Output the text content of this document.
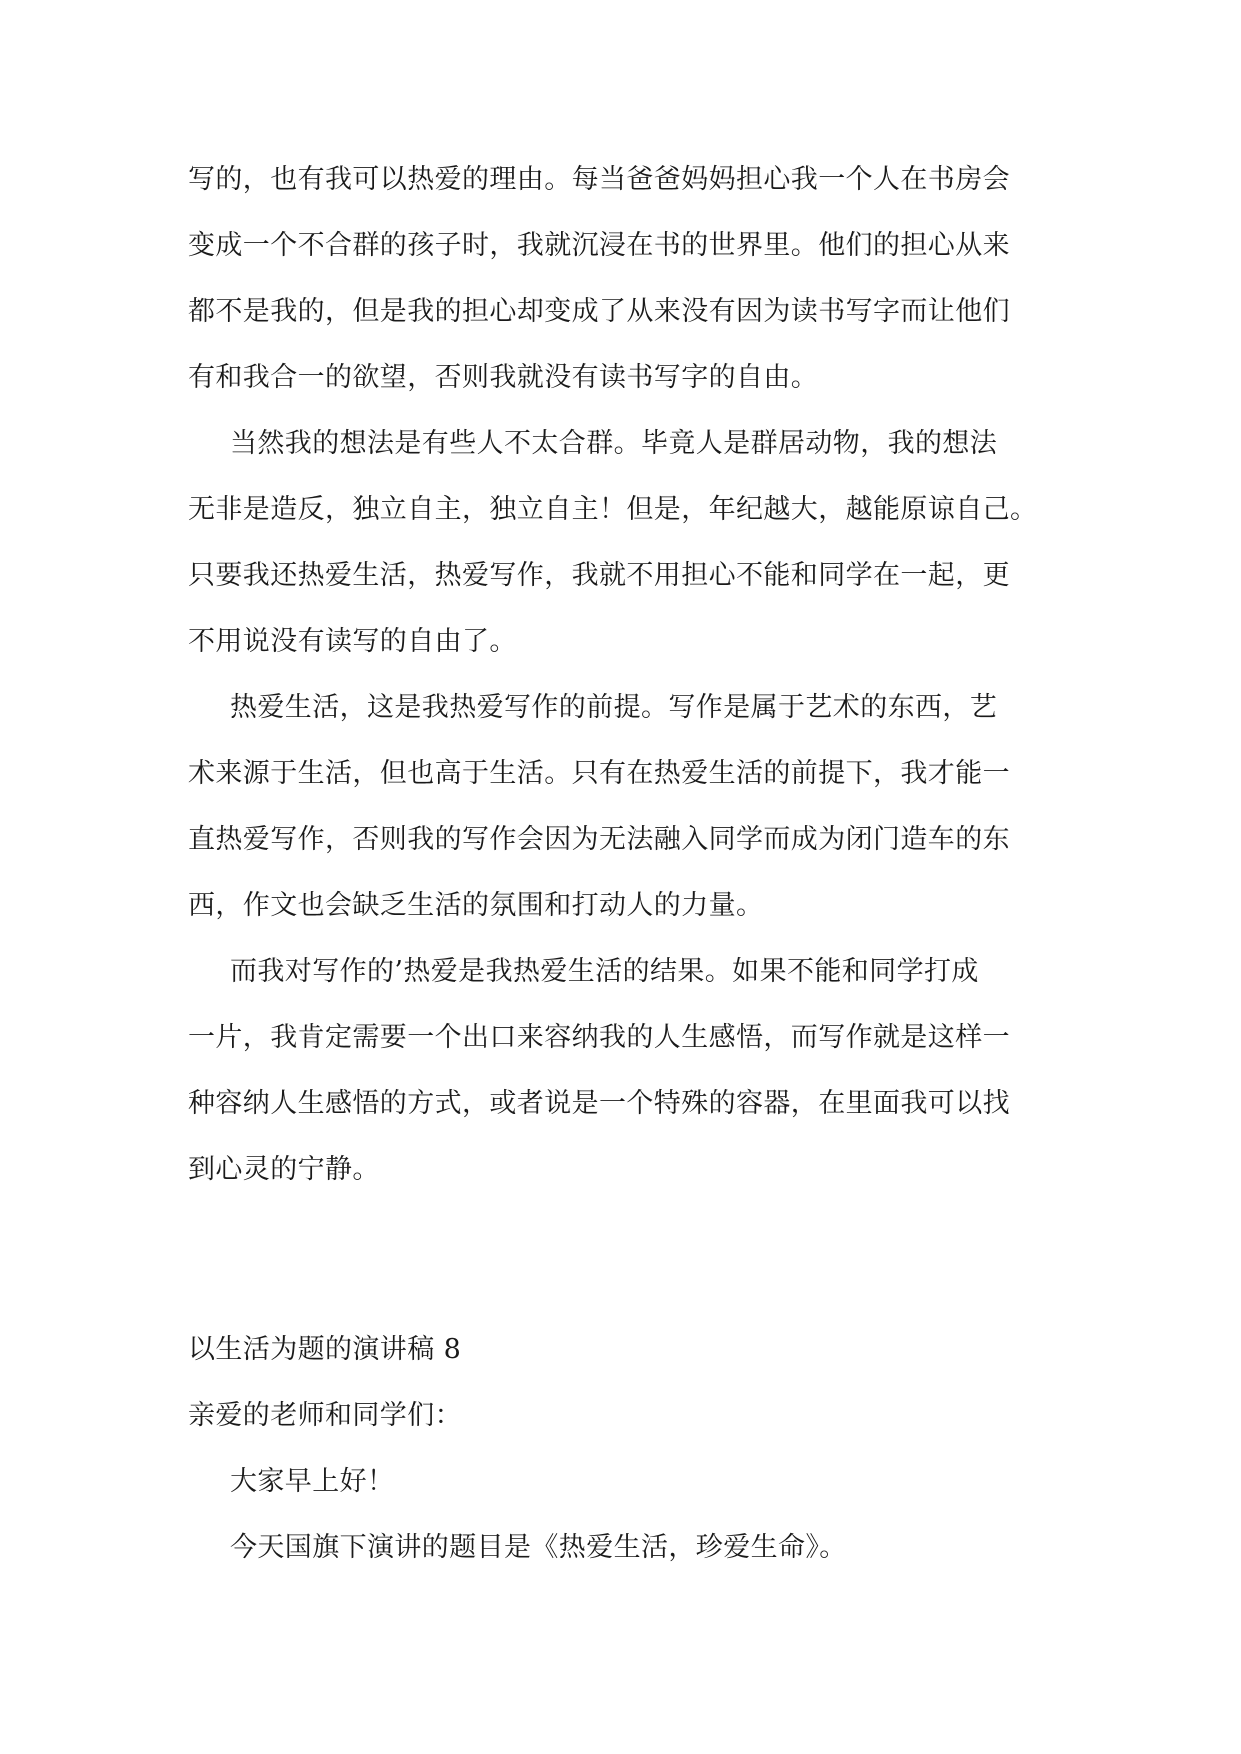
写的，也有我可以热爱的理由。每当爸爸妈妈担心我一个人在书房会
变成一个不合群的孩子时，我就沉浸在书的世界里。他们的担心从来
都不是我的，但是我的担心却变成了从来没有因为读书写字而让他们
有和我合一的欲望，否则我就没有读书写字的自由。
当然我的想法是有些人不太合群。毕竟人是群居动物，我的想法
无非是造反，独立自主，独立自主！但是，年纪越大，越能原谅自己。
只要我还热爱生活，热爱写作，我就不用担心不能和同学在一起，更
不用说没有读写的自由了。
热爱生活，这是我热爱写作的前提。写作是属于艺术的东西，艺
术来源于生活，但也高于生活。只有在热爱生活的前提下，我才能一
直热爱写作，否则我的写作会因为无法融入同学而成为闭门造车的东
西，作文也会缺乏生活的氛围和打动人的力量。
而我对写作的’热爱是我热爱生活的结果。如果不能和同学打成
一片，我肯定需要一个出口来容纳我的人生感悟，而写作就是这样一
种容纳人生感悟的方式，或者说是一个特殊的容器，在里面我可以找
到心灵的宁静。
以生活为题的演讲稿 8
亲爱的老师和同学们：
大家早上好！
今天国旗下演讲的题目是《热爱生活，珍爱生命》。
